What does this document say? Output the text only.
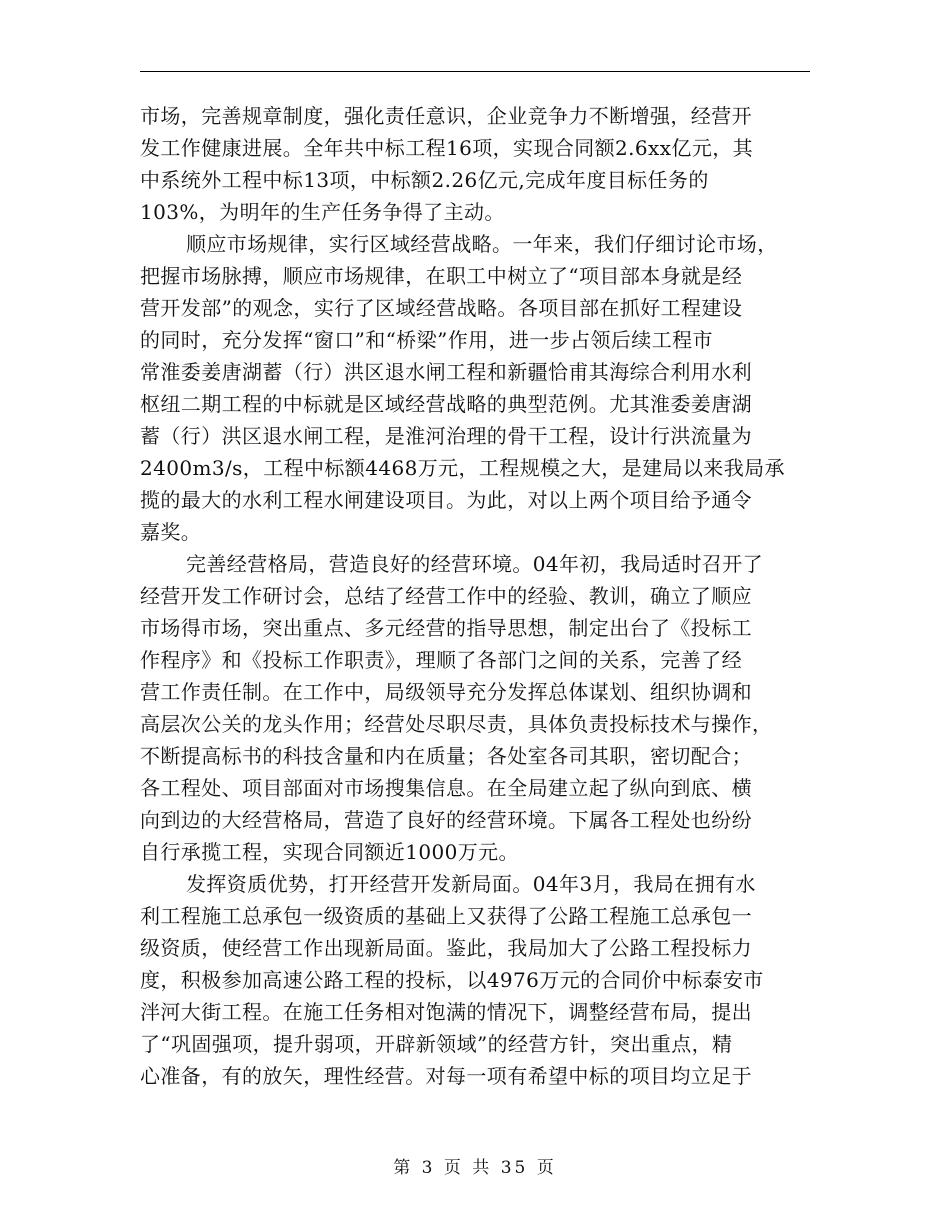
市场，完善规章制度，强化责任意识，企业竞争力不断增强，经营开
发工作健康进展。全年共中标工程16项，实现合同额2.6xx亿元，其
中系统外工程中标13项，中标额2.26亿元,完成年度目标任务的
103%，为明年的生产任务争得了主动。
顺应市场规律，实行区域经营战略。一年来，我们仔细讨论市场，
把握市场脉搏，顺应市场规律，在职工中树立了“项目部本身就是经
营开发部”的观念，实行了区域经营战略。各项目部在抓好工程建设
的同时，充分发挥“窗口”和“桥梁”作用，进一步占领后续工程市
常淮委姜唐湖蓄（行）洪区退水闸工程和新疆恰甫其海综合利用水利
枢纽二期工程的中标就是区域经营战略的典型范例。尤其淮委姜唐湖
蓄（行）洪区退水闸工程，是淮河治理的骨干工程，设计行洪流量为
2400m3/s，工程中标额4468万元，工程规模之大，是建局以来我局承
揽的最大的水利工程水闸建设项目。为此，对以上两个项目给予通令
嘉奖。
完善经营格局，营造良好的经营环境。04年初，我局适时召开了
经营开发工作研讨会，总结了经营工作中的经验、教训，确立了顺应
市场得市场，突出重点、多元经营的指导思想，制定出台了《投标工
作程序》和《投标工作职责》，理顺了各部门之间的关系，完善了经
营工作责任制。在工作中，局级领导充分发挥总体谋划、组织协调和
高层次公关的龙头作用；经营处尽职尽责，具体负责投标技术与操作，
不断提高标书的科技含量和内在质量；各处室各司其职，密切配合；
各工程处、项目部面对市场搜集信息。在全局建立起了纵向到底、横
向到边的大经营格局，营造了良好的经营环境。下属各工程处也纷纷
自行承揽工程，实现合同额近1000万元。
发挥资质优势，打开经营开发新局面。04年3月，我局在拥有水
利工程施工总承包一级资质的基础上又获得了公路工程施工总承包一
级资质，使经营工作出现新局面。鉴此，我局加大了公路工程投标力
度，积极参加高速公路工程的投标，以4976万元的合同价中标泰安市
泮河大街工程。在施工任务相对饱满的情况下，调整经营布局，提出
了“巩固强项，提升弱项，开辟新领域”的经营方针，突出重点，精
心准备，有的放矢，理性经营。对每一项有希望中标的项目均立足于
第 3 页 共 35 页
